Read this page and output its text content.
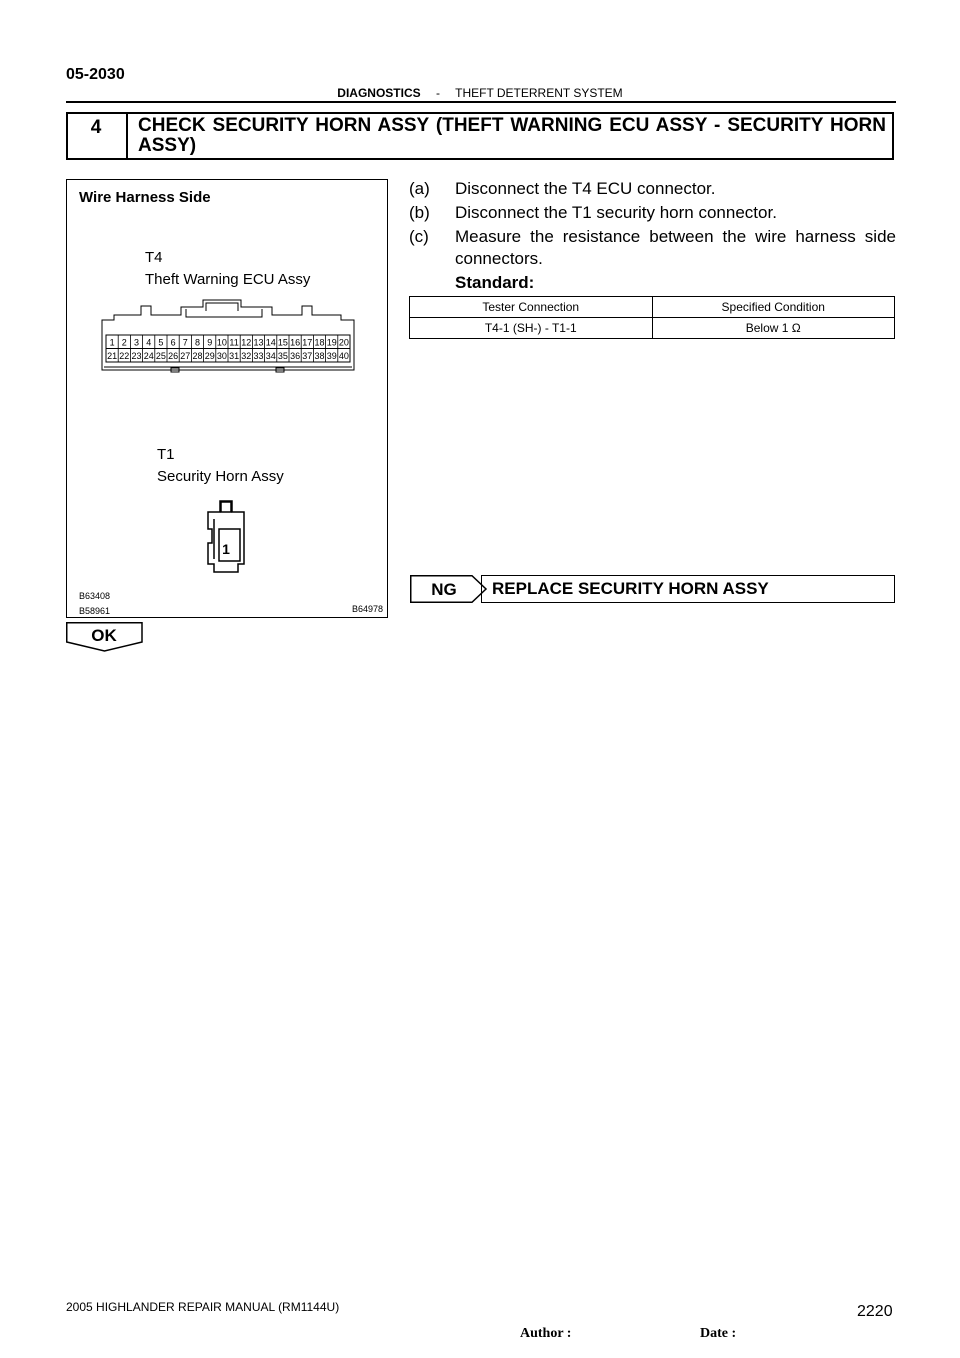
05-2030
DIAGNOSTICS - THEFT DETERRENT SYSTEM
4	CHECK SECURITY HORN ASSY (THEFT WARNING ECU ASSY - SECURITY HORN ASSY)
Wire Harness Side
T4
Theft Warning ECU Assy
1 2 3 4 5 6 7 8 9 10 11 12 13 14 15 16 17 18 19 20
21 22 23 24 25 26 27 28 29 30 31 32 33 34 35 36 37 38 39 40
T1
Security Horn Assy
1
B63408
B58961	B64978
(a) Disconnect the T4 ECU connector.
(b) Disconnect the T1 security horn connector.
(c) Measure the resistance between the wire harness side connectors.
Standard:
Tester Connection	Specified Condition
T4-1 (SH-) - T1-1	Below 1 Ω
NG	REPLACE SECURITY HORN ASSY
OK
2005 HIGHLANDER REPAIR MANUAL (RM1144U)
Author :	Date :
2220
